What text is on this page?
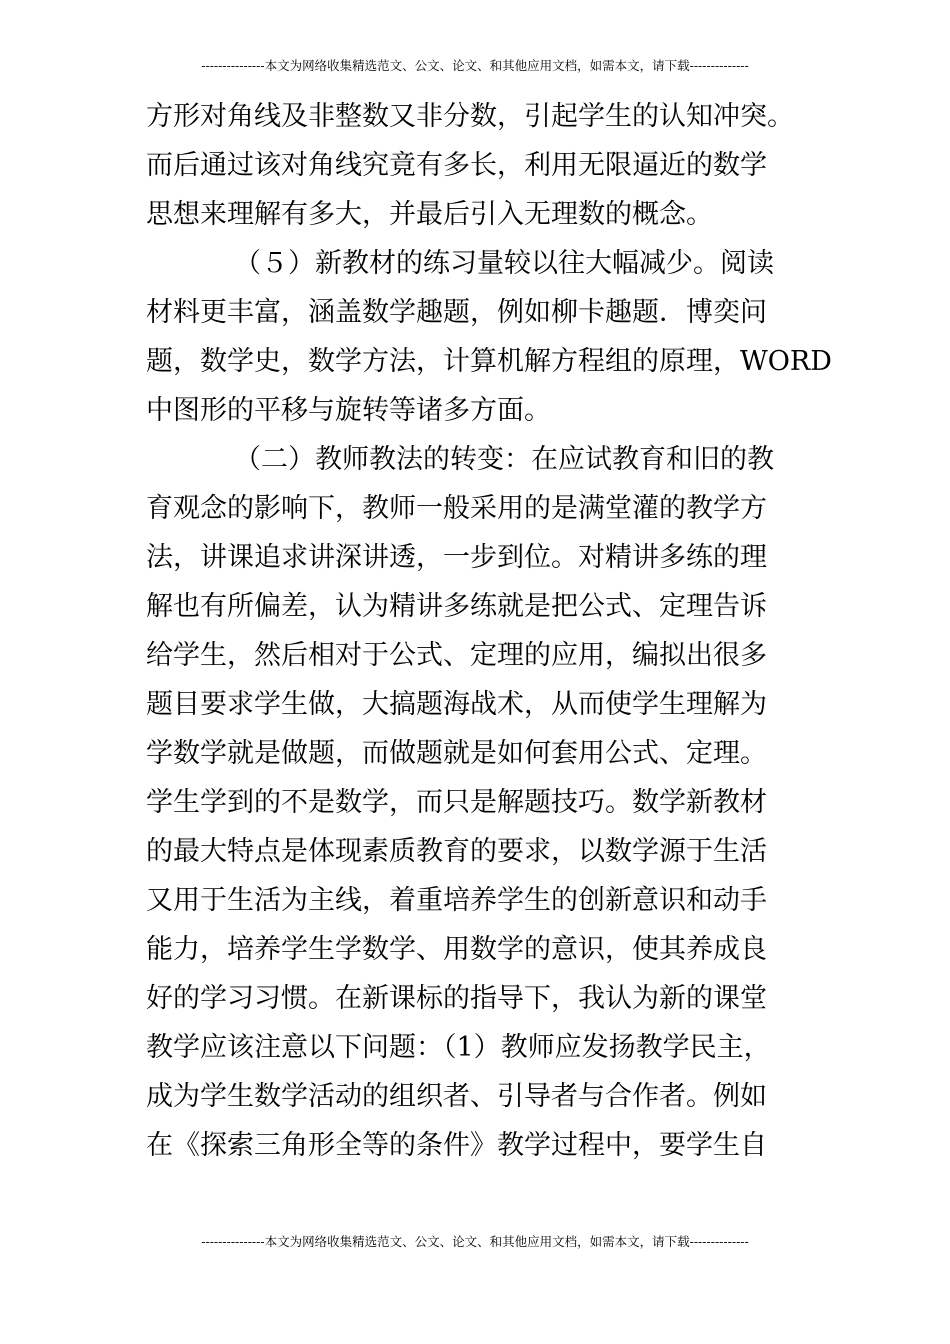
---------------本文为网络收集精选范文、公文、论文、和其他应用文档，如需本文，请下载--------------
方形对角线及非整数又非分数，引起学生的认知冲突。
而后通过该对角线究竟有多长，利用无限逼近的数学
思想来理解有多大，并最后引入无理数的概念。
（５）新教材的练习量较以往大幅减少。阅读
材料更丰富，涵盖数学趣题，例如柳卡趣题．博奕问
题，数学史，数学方法，计算机解方程组的原理，WORD
中图形的平移与旋转等诸多方面。
（二）教师教法的转变：在应试教育和旧的教
育观念的影响下，教师一般采用的是满堂灌的教学方
法，讲课追求讲深讲透，一步到位。对精讲多练的理
解也有所偏差，认为精讲多练就是把公式、定理告诉
给学生，然后相对于公式、定理的应用，编拟出很多
题目要求学生做，大搞题海战术，从而使学生理解为
学数学就是做题，而做题就是如何套用公式、定理。
学生学到的不是数学，而只是解题技巧。数学新教材
的最大特点是体现素质教育的要求，以数学源于生活
又用于生活为主线，着重培养学生的创新意识和动手
能力，培养学生学数学、用数学的意识，使其养成良
好的学习习惯。在新课标的指导下，我认为新的课堂
教学应该注意以下问题：（1）教师应发扬教学民主，
成为学生数学活动的组织者、引导者与合作者。例如
在《探索三角形全等的条件》教学过程中，要学生自
---------------本文为网络收集精选范文、公文、论文、和其他应用文档，如需本文，请下载--------------
